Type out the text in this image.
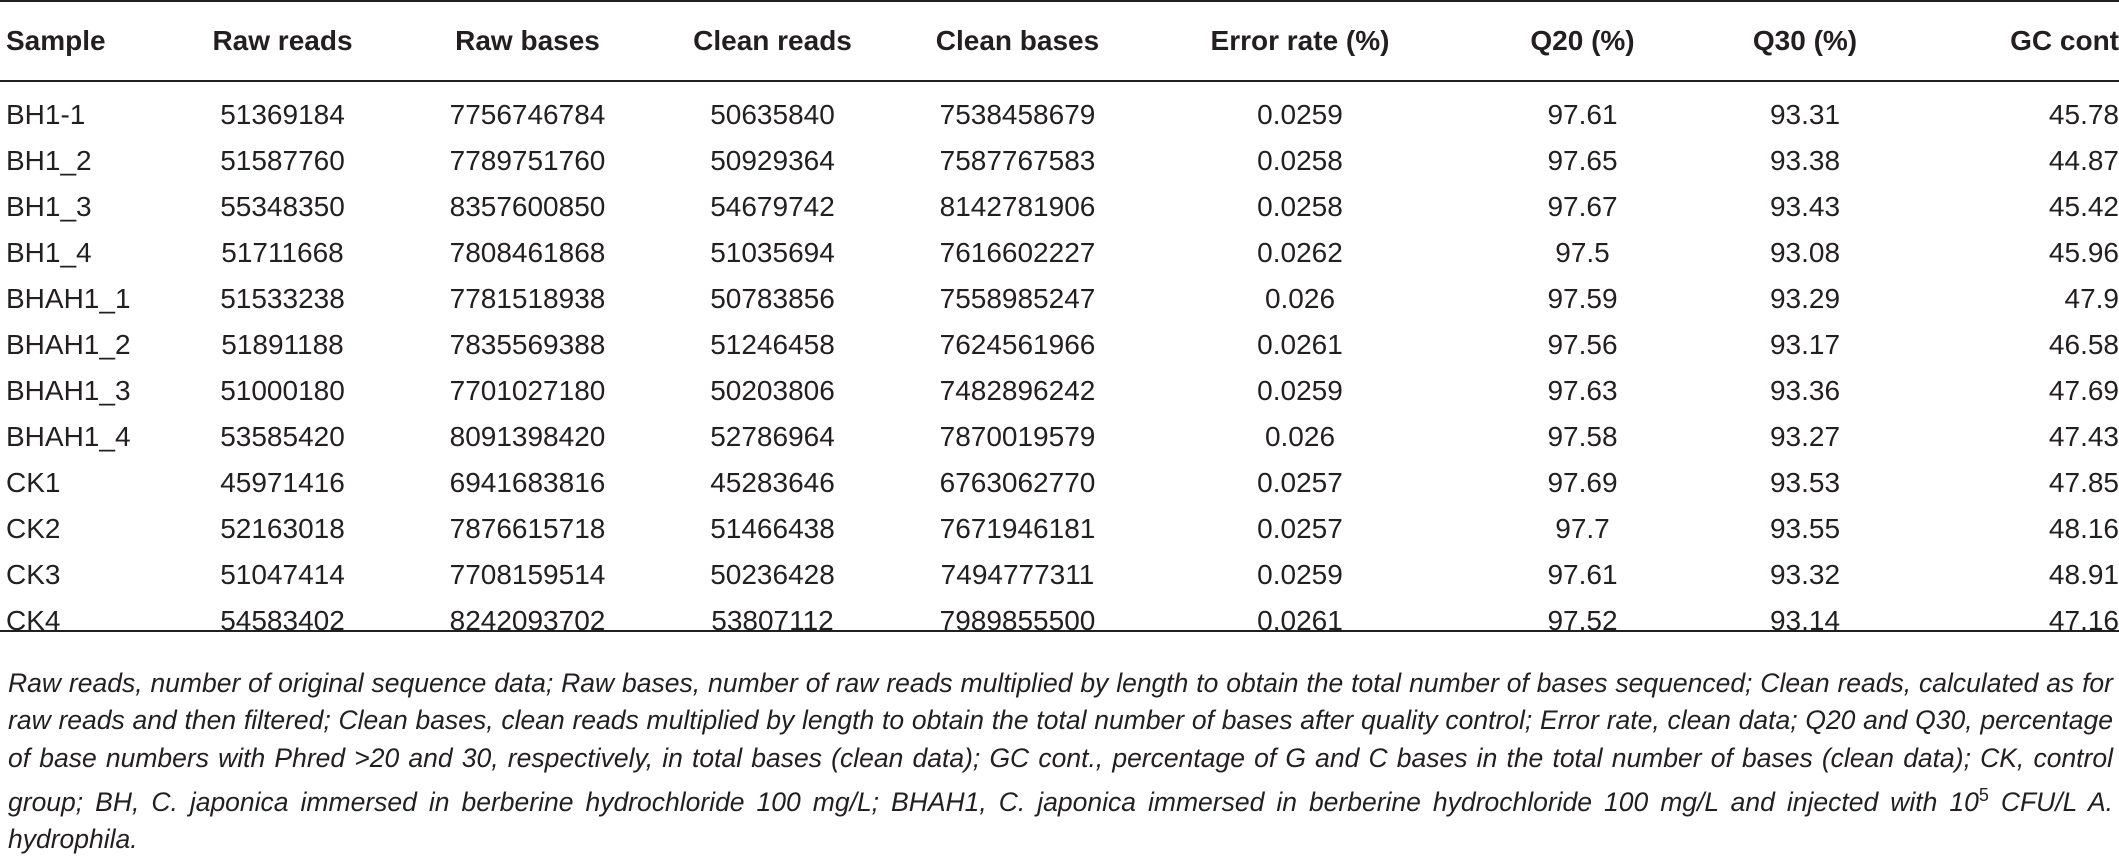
Sample	Raw reads	Raw bases	Clean reads	Clean bases	Error rate (%)	Q20 (%)	Q30 (%)	GC cont
BH1-1	51369184	7756746784	50635840	7538458679	0.0259	97.61	93.31	45.78
BH1_2	51587760	7789751760	50929364	7587767583	0.0258	97.65	93.38	44.87
BH1_3	55348350	8357600850	54679742	8142781906	0.0258	97.67	93.43	45.42
BH1_4	51711668	7808461868	51035694	7616602227	0.0262	97.5	93.08	45.96
BHAH1_1	51533238	7781518938	50783856	7558985247	0.026	97.59	93.29	47.9
BHAH1_2	51891188	7835569388	51246458	7624561966	0.0261	97.56	93.17	46.58
BHAH1_3	51000180	7701027180	50203806	7482896242	0.0259	97.63	93.36	47.69
BHAH1_4	53585420	8091398420	52786964	7870019579	0.026	97.58	93.27	47.43
CK1	45971416	6941683816	45283646	6763062770	0.0257	97.69	93.53	47.85
CK2	52163018	7876615718	51466438	7671946181	0.0257	97.7	93.55	48.16
CK3	51047414	7708159514	50236428	7494777311	0.0259	97.61	93.32	48.91
CK4	54583402	8242093702	53807112	7989855500	0.0261	97.52	93.14	47.16

Raw reads, number of original sequence data; Raw bases, number of raw reads multiplied by length to obtain the total number of bases sequenced; Clean reads, calculated as for raw reads and then filtered; Clean bases, clean reads multiplied by length to obtain the total number of bases after quality control; Error rate, clean data; Q20 and Q30, percentage of base numbers with Phred >20 and 30, respectively, in total bases (clean data); GC cont., percentage of G and C bases in the total number of bases (clean data); CK, control group; BH, C. japonica immersed in berberine hydrochloride 100 mg/L; BHAH1, C. japonica immersed in berberine hydrochloride 100 mg/L and injected with $10^5$ CFU/L A. hydrophila.
